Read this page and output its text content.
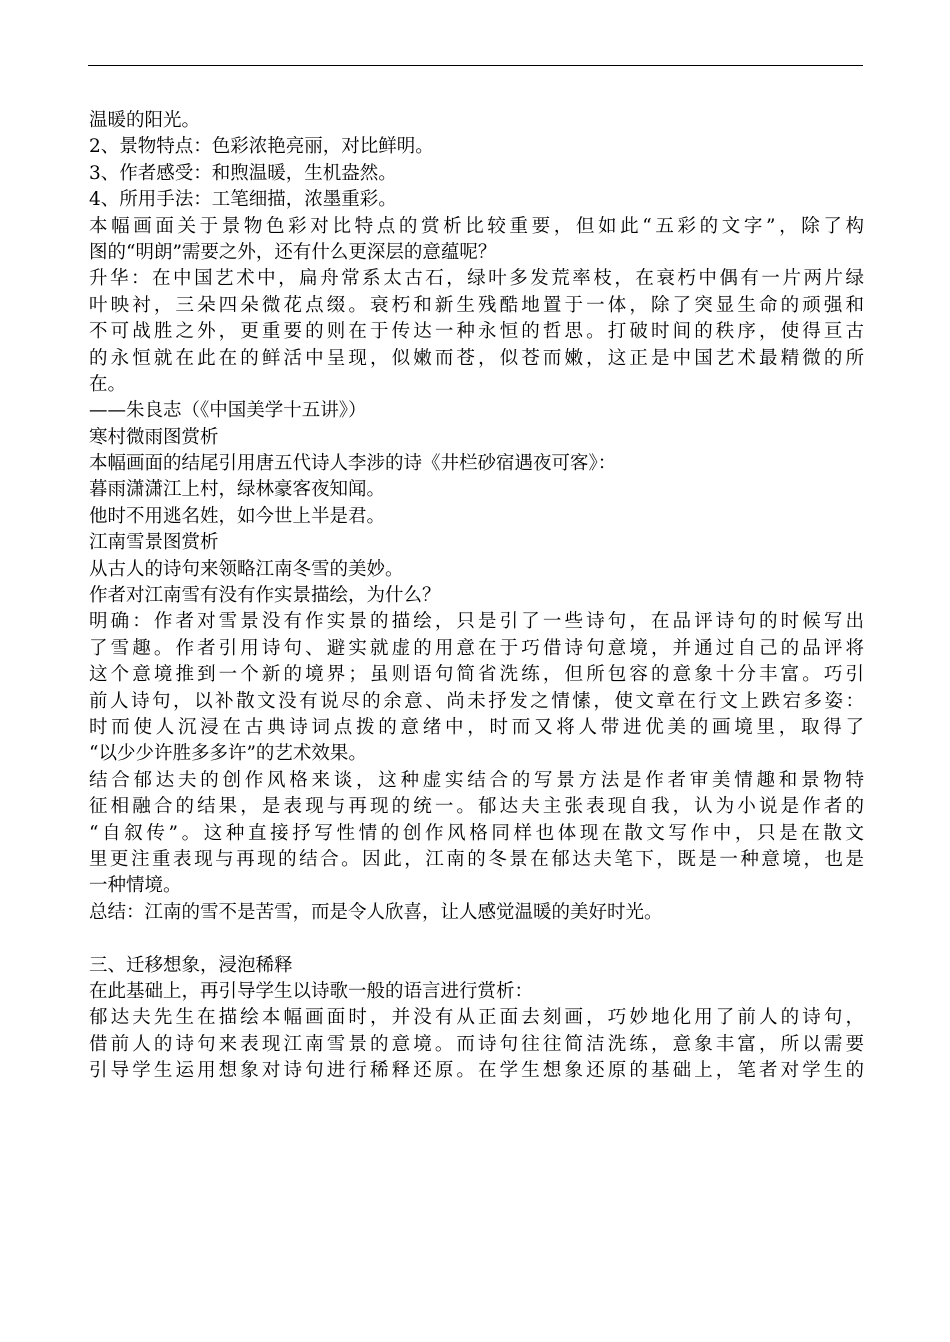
温暖的阳光。
2、景物特点：色彩浓艳亮丽，对比鲜明。
3、作者感受：和煦温暖，生机盎然。
4、所用手法：工笔细描，浓墨重彩。
本幅画面关于景物色彩对比特点的赏析比较重要，但如此“五彩的文字”，除了构
图的“明朗”需要之外，还有什么更深层的意蕴呢？
升华：在中国艺术中，扁舟常系太古石，绿叶多发荒率枝，在衰朽中偶有一片两片绿
叶映衬，三朵四朵微花点缀。衰朽和新生残酷地置于一体，除了突显生命的顽强和
不可战胜之外，更重要的则在于传达一种永恒的哲思。打破时间的秩序，使得亘古
的永恒就在此在的鲜活中呈现，似嫩而苍，似苍而嫩，这正是中国艺术最精微的所
在。
——朱良志（《中国美学十五讲》）
寒村微雨图赏析
本幅画面的结尾引用唐五代诗人李涉的诗《井栏砂宿遇夜可客》：
暮雨潇潇江上村，绿林豪客夜知闻。
他时不用逃名姓，如今世上半是君。
江南雪景图赏析
从古人的诗句来领略江南冬雪的美妙。
作者对江南雪有没有作实景描绘，为什么？
明确：作者对雪景没有作实景的描绘，只是引了一些诗句，在品评诗句的时候写出
了雪趣。作者引用诗句、避实就虚的用意在于巧借诗句意境，并通过自己的品评将
这个意境推到一个新的境界；虽则语句简省洗练，但所包容的意象十分丰富。巧引
前人诗句，以补散文没有说尽的余意、尚未抒发之情愫，使文章在行文上跌宕多姿：
时而使人沉浸在古典诗词点拨的意绪中，时而又将人带进优美的画境里，取得了
“以少少许胜多多许”的艺术效果。
结合郁达夫的创作风格来谈，这种虚实结合的写景方法是作者审美情趣和景物特
征相融合的结果，是表现与再现的统一。郁达夫主张表现自我，认为小说是作者的
“自叙传”。这种直接抒写性情的创作风格同样也体现在散文写作中，只是在散文
里更注重表现与再现的结合。因此，江南的冬景在郁达夫笔下，既是一种意境，也是
一种情境。
总结：江南的雪不是苦雪，而是令人欣喜，让人感觉温暖的美好时光。
三、迁移想象，浸泡稀释
在此基础上，再引导学生以诗歌一般的语言进行赏析：
郁达夫先生在描绘本幅画面时，并没有从正面去刻画，巧妙地化用了前人的诗句，
借前人的诗句来表现江南雪景的意境。而诗句往往简洁洗练，意象丰富，所以需要
引导学生运用想象对诗句进行稀释还原。在学生想象还原的基础上，笔者对学生的
